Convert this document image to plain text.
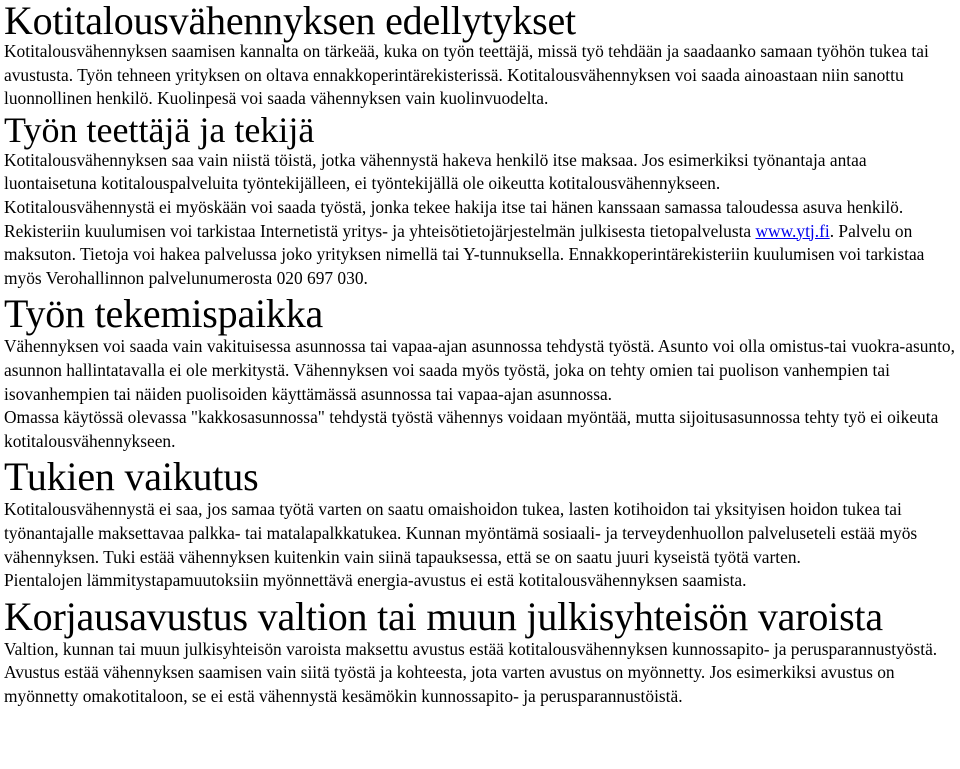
Kotitalousvähennyksen edellytykset

Kotitalousvähennyksen saamisen kannalta on tärkeää, kuka on työn teettäjä, missä työ tehdään ja saadaanko samaan työhön tukea tai avustusta. Työn tehneen yrityksen on oltava ennakkoperintärekisterissä. Kotitalousvähennyksen voi saada ainoastaan niin sanottu luonnollinen henkilö. Kuolinpesä voi saada vähennyksen vain kuolinvuodelta.

Työn teettäjä ja tekijä

Kotitalousvähennyksen saa vain niistä töistä, jotka vähennystä hakeva henkilö itse maksaa. Jos esimerkiksi työnantaja antaa luontaisetuna kotitalouspalveluita työntekijälleen, ei työntekijällä ole oikeutta kotitalousvähennykseen.

Kotitalousvähennystä ei myöskään voi saada työstä, jonka tekee hakija itse tai hänen kanssaan samassa taloudessa asuva henkilö.

Rekisteriin kuulumisen voi tarkistaa Internetistä yritys- ja yhteisötietojärjestelmän julkisesta tietopalvelusta www.ytj.fi. Palvelu on maksuton. Tietoja voi hakea palvelussa joko yrityksen nimellä tai Y-tunnuksella. Ennakkoperintärekisteriin kuulumisen voi tarkistaa myös Verohallinnon palvelunumerosta 020 697 030.

Työn tekemispaikka

Vähennyksen voi saada vain vakituisessa asunnossa tai vapaa-ajan asunnossa tehdystä työstä. Asunto voi olla omistus-tai vuokra-asunto, asunnon hallintatavalla ei ole merkitystä. Vähennyksen voi saada myös työstä, joka on tehty omien tai puolison vanhempien tai isovanhempien tai näiden puolisoiden käyttämässä asunnossa tai vapaa-ajan asunnossa.

Omassa käytössä olevassa "kakkosasunnossa" tehdystä työstä vähennys voidaan myöntää, mutta sijoitusasunnossa tehty työ ei oikeuta kotitalousvähennykseen.

Tukien vaikutus

Kotitalousvähennystä ei saa, jos samaa työtä varten on saatu omaishoidon tukea, lasten kotihoidon tai yksityisen hoidon tukea tai työnantajalle maksettavaa palkka- tai matalapalkkatukea. Kunnan myöntämä sosiaali- ja terveydenhuollon palveluseteli estää myös vähennyksen. Tuki estää vähennyksen kuitenkin vain siinä tapauksessa, että se on saatu juuri kyseistä työtä varten.

Pientalojen lämmitystapamuutoksiin myönnettävä energia-avustus ei estä kotitalousvähennyksen saamista.

Korjausavustus valtion tai muun julkisyhteisön varoista

Valtion, kunnan tai muun julkisyhteisön varoista maksettu avustus estää kotitalousvähennyksen kunnossapito- ja perusparannustyöstä. Avustus estää vähennyksen saamisen vain siitä työstä ja kohteesta, jota varten avustus on myönnetty. Jos esimerkiksi avustus on myönnetty omakotitaloon, se ei estä vähennystä kesämökin kunnossapito- ja perusparannustöistä.
